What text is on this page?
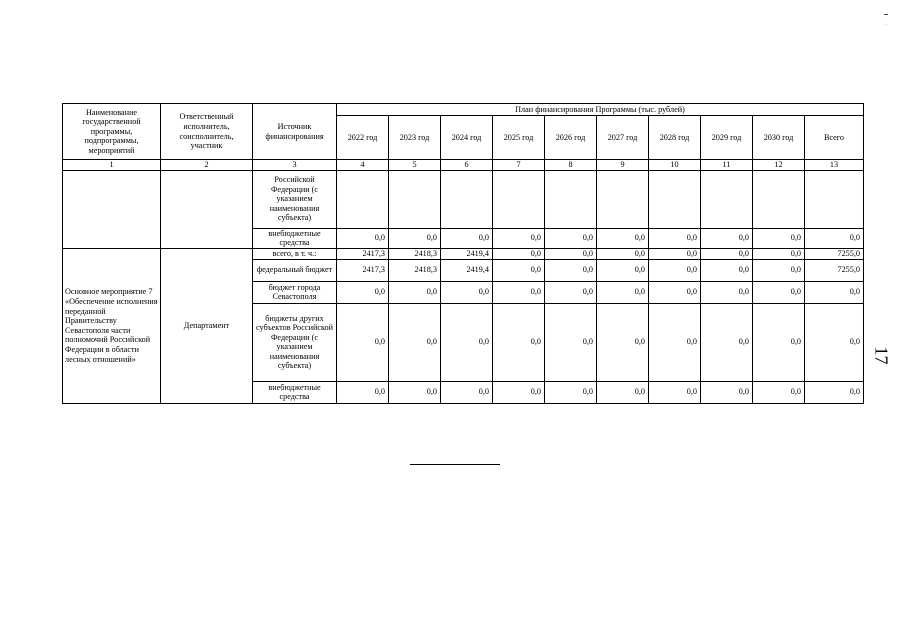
·
Наименование государственной программы, подпрограммы, мероприятий	Ответственный исполнитель, соисполнитель, участник	Источник финансирования	План финансирования Программы (тыс. рублей)									
			2022 год	2023 год	2024 год	2025 год	2026 год	2027 год	2028 год	2029 год	2030 год	Всего
1	2	3	4	5	6	7	8	9	10	11	12	13
		Российской Федерации (с указанием наименования субъекта)										
		внебюджетные средства	0,0	0,0	0,0	0,0	0,0	0,0	0,0	0,0	0,0	0,0
Основное мероприятие 7 «Обеспечение исполнения переданной Правительству Севастополя части полномочий Российской Федерации в области лесных отношений»	Департамент	всего, в т. ч.:	2417,3	2418,3	2419,4	0,0	0,0	0,0	0,0	0,0	0,0	7255,0
		федеральный бюджет	2417,3	2418,3	2419,4	0,0	0,0	0,0	0,0	0,0	0,0	7255,0
		бюджет города Севастополя	0,0	0,0	0,0	0,0	0,0	0,0	0,0	0,0	0,0	0,0
		бюджеты других субъектов Российской Федерации (с указанием наименования субъекта)	0,0	0,0	0,0	0,0	0,0	0,0	0,0	0,0	0,0	0,0
		внебюджетные средства	0,0	0,0	0,0	0,0	0,0	0,0	0,0	0,0	0,0	0,0
17
